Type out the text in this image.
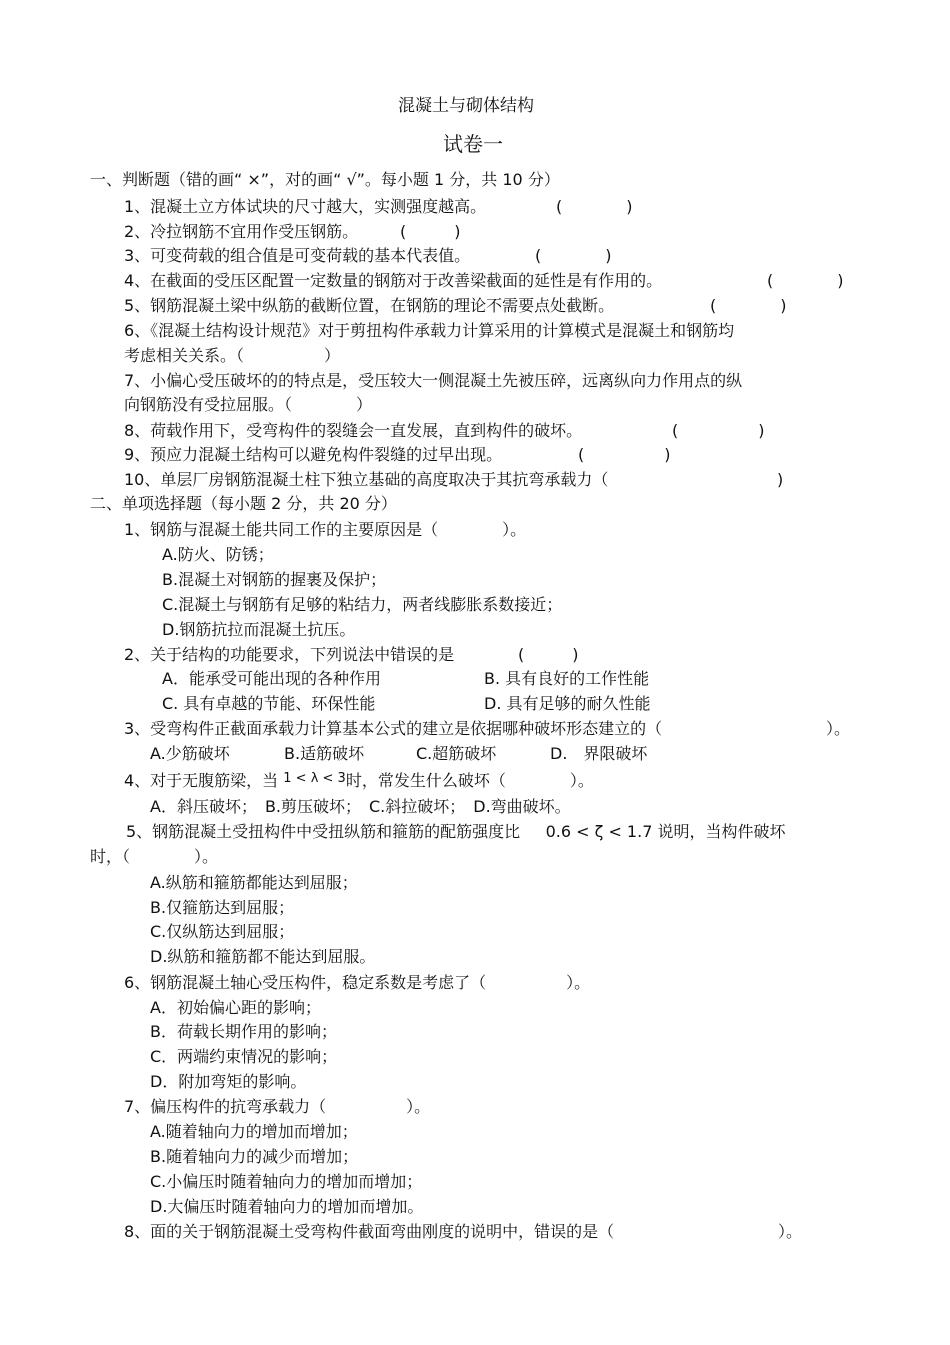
混凝土与砌体结构
试卷一
一、判断题（错的画“ ×”，对的画“ √”。每小题 1 分，共 10 分）
1、混凝土立方体试块的尺寸越大，实测强度越高。	(　　　　)
2、冷拉钢筋不宜用作受压钢筋。	(　　　)
3、可变荷载的组合值是可变荷载的基本代表值。	(　　　　)
4、在截面的受压区配置一定数量的钢筋对于改善梁截面的延性是有作用的。	(　　　　)
5、钢筋混凝土梁中纵筋的截断位置，在钢筋的理论不需要点处截断。	(　　　　)
6、《混凝土结构设计规范》对于剪扭构件承载力计算采用的计算模式是混凝土和钢筋均
考虑相关关系。（　　　　　）
7、小偏心受压破坏的的特点是，受压较大一侧混凝土先被压碎，远离纵向力作用点的纵
向钢筋没有受拉屈服。（　　　　）
8、荷载作用下，受弯构件的裂缝会一直发展，直到构件的破坏。	(　　　　　)
9、预应力混凝土结构可以避免构件裂缝的过早出现。	(　　　　　)
10、单层厂房钢筋混凝土柱下独立基础的高度取决于其抗弯承载力（	)
二、单项选择题（每小题 2 分，共 20 分）
1、钢筋与混凝土能共同工作的主要原因是（　　　　）。
A.防火、防锈；
B.混凝土对钢筋的握裹及保护；
C.混凝土与钢筋有足够的粘结力，两者线膨胀系数接近；
D.钢筋抗拉而混凝土抗压。
2、关于结构的功能要求，下列说法中错误的是	(　　　)
A．能承受可能出现的各种作用	B. 具有良好的工作性能
C. 具有卓越的节能、环保性能	D. 具有足够的耐久性能
3、受弯构件正截面承载力计算基本公式的建立是依据哪种破坏形态建立的（	）。
A.少筋破坏	B.适筋破坏	C.超筋破坏	D.　界限破坏
4、对于无腹筋梁，当 $^{1 < \lambda < 3}$时，常发生什么破坏（　　　　）。
A．斜压破坏；　B.剪压破坏；　C.斜拉破坏；　D.弯曲破坏。
5、钢筋混凝土受扭构件中受扭纵筋和箍筋的配筋强度比 0.6 < ζ < 1.7 说明，当构件破坏
时，（　　　　）。
A.纵筋和箍筋都能达到屈服；
B.仅箍筋达到屈服；
C.仅纵筋达到屈服；
D.纵筋和箍筋都不能达到屈服。
6、钢筋混凝土轴心受压构件，稳定系数是考虑了（　　　　　）。
A．初始偏心距的影响；
B．荷载长期作用的影响；
C．两端约束情况的影响；
D．附加弯矩的影响。
7、偏压构件的抗弯承载力（　　　　　）。
A.随着轴向力的增加而增加；
B.随着轴向力的减少而增加；
C.小偏压时随着轴向力的增加而增加；
D.大偏压时随着轴向力的增加而增加。
8、面的关于钢筋混凝土受弯构件截面弯曲刚度的说明中，错误的是（	）。
